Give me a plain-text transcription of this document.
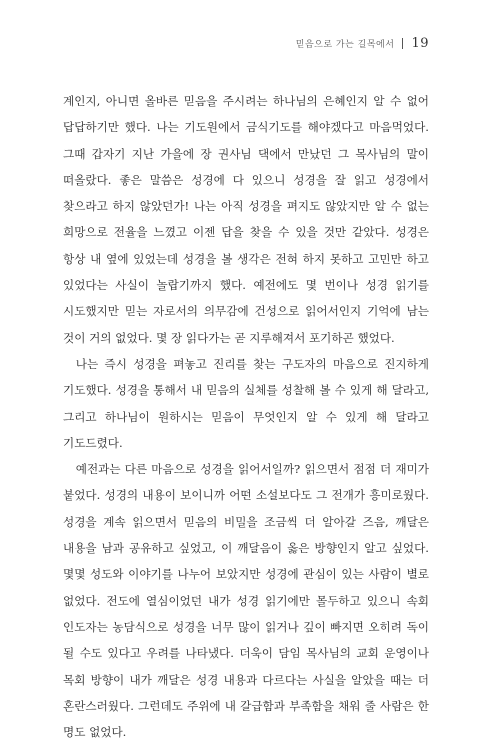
믿음으로 가는 길목에서 19

계인지, 아니면 올바른 믿음을 주시려는 하나님의 은혜인지 알 수 없어 답답하기만 했다. 나는 기도원에서 금식기도를 해야겠다고 마음먹었다. 그때 갑자기 지난 가을에 장 권사님 댁에서 만났던 그 목사님의 말이 떠올랐다. 좋은 말씀은 성경에 다 있으니 성경을 잘 읽고 성경에서 찾으라고 하지 않았던가! 나는 아직 성경을 펴지도 않았지만 알 수 없는 희망으로 전율을 느꼈고 이젠 답을 찾을 수 있을 것만 같았다. 성경은 항상 내 옆에 있었는데 성경을 볼 생각은 전혀 하지 못하고 고민만 하고 있었다는 사실이 놀랍기까지 했다. 예전에도 몇 번이나 성경 읽기를 시도했지만 믿는 자로서의 의무감에 건성으로 읽어서인지 기억에 남는 것이 거의 없었다. 몇 장 읽다가는 곧 지루해져서 포기하곤 했었다.

나는 즉시 성경을 펴놓고 진리를 찾는 구도자의 마음으로 진지하게 기도했다. 성경을 통해서 내 믿음의 실체를 성찰해 볼 수 있게 해 달라고, 그리고 하나님이 원하시는 믿음이 무엇인지 알 수 있게 해 달라고 기도드렸다.

예전과는 다른 마음으로 성경을 읽어서일까? 읽으면서 점점 더 재미가 붙었다. 성경의 내용이 보이니까 어떤 소설보다도 그 전개가 흥미로웠다. 성경을 계속 읽으면서 믿음의 비밀을 조금씩 더 알아갈 즈음, 깨달은 내용을 남과 공유하고 싶었고, 이 깨달음이 옳은 방향인지 알고 싶었다. 몇몇 성도와 이야기를 나누어 보았지만 성경에 관심이 있는 사람이 별로 없었다. 전도에 열심이었던 내가 성경 읽기에만 몰두하고 있으니 속회 인도자는 농담식으로 성경을 너무 많이 읽거나 깊이 빠지면 오히려 독이 될 수도 있다고 우려를 나타냈다. 더욱이 담임 목사님의 교회 운영이나 목회 방향이 내가 깨달은 성경 내용과 다르다는 사실을 알았을 때는 더 혼란스러웠다. 그런데도 주위에 내 갈급함과 부족함을 채워 줄 사람은 한 명도 없었다.
